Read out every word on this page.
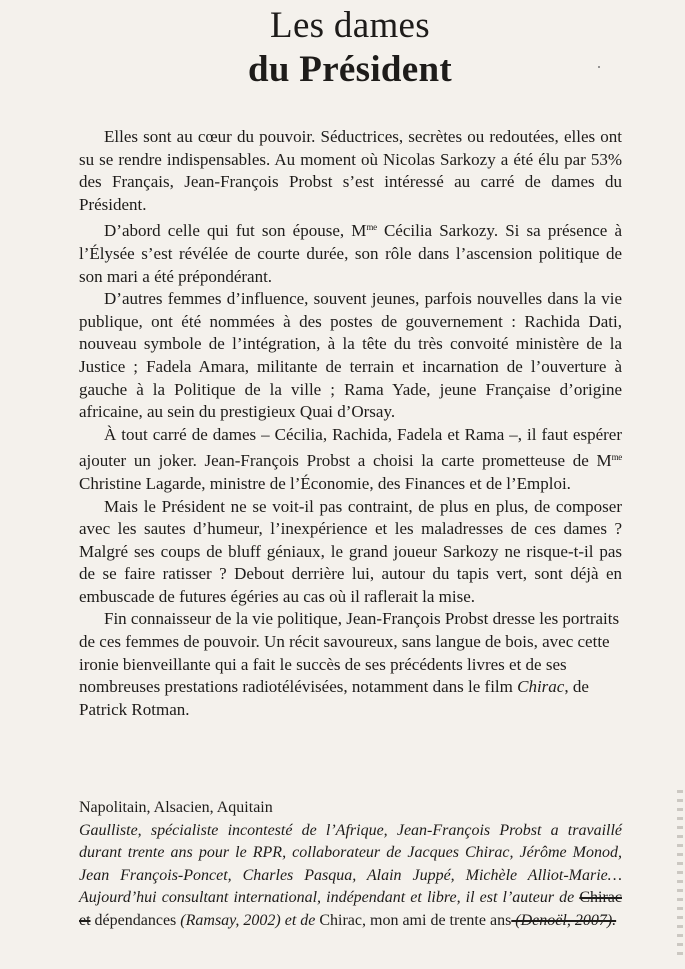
Les dames
du Président

Elles sont au cœur du pouvoir. Séductrices, secrètes ou redoutées, elles ont su se rendre indispensables. Au moment où Nicolas Sarkozy a été élu par 53% des Français, Jean-François Probst s’est intéressé au carré de dames du Président.

D’abord celle qui fut son épouse, $M^{me}$ Cécilia Sarkozy. Si sa présence à l’Élysée s’est révélée de courte durée, son rôle dans l’ascension politique de son mari a été prépondérant.

D’autres femmes d’influence, souvent jeunes, parfois nouvelles dans la vie publique, ont été nommées à des postes de gouvernement : Rachida Dati, nouveau symbole de l’intégration, à la tête du très convoité ministère de la Justice ; Fadela Amara, militante de terrain et incarnation de l’ouverture à gauche à la Politique de la ville ; Rama Yade, jeune Française d’origine africaine, au sein du prestigieux Quai d’Orsay.

À tout carré de dames – Cécilia, Rachida, Fadela et Rama –, il faut espérer ajouter un joker. Jean-François Probst a choisi la carte prometteuse de $M^{me}$ Christine Lagarde, ministre de l’Économie, des Finances et de l’Emploi.

Mais le Président ne se voit-il pas contraint, de plus en plus, de composer avec les sautes d’humeur, l’inexpérience et les maladresses de ces dames ? Malgré ses coups de bluff géniaux, le grand joueur Sarkozy ne risque-t-il pas de se faire ratisser ? Debout derrière lui, autour du tapis vert, sont déjà en embuscade de futures égéries au cas où il raflerait la mise.

Fin connaisseur de la vie politique, Jean-François Probst dresse les portraits de ces femmes de pouvoir. Un récit savoureux, sans langue de bois, avec cette ironie bienveillante qui a fait le succès de ses précédents livres et de ses nombreuses prestations radiotélévisées, notamment dans le film Chirac, de Patrick Rotman.

Napolitain, Alsacien, Aquitain
Gaulliste, spécialiste incontesté de l’Afrique, Jean-François Probst a travaillé durant trente ans pour le RPR, collaborateur de Jacques Chirac, Jérôme Monod, Jean François-Poncet, Charles Pasqua, Alain Juppé, Michèle Alliot-Marie… Aujourd’hui consultant international, indépendant et libre, il est l’auteur de Chirac et dépendances (Ramsay, 2002) et de Chirac, mon ami de trente ans (Denoël, 2007).
